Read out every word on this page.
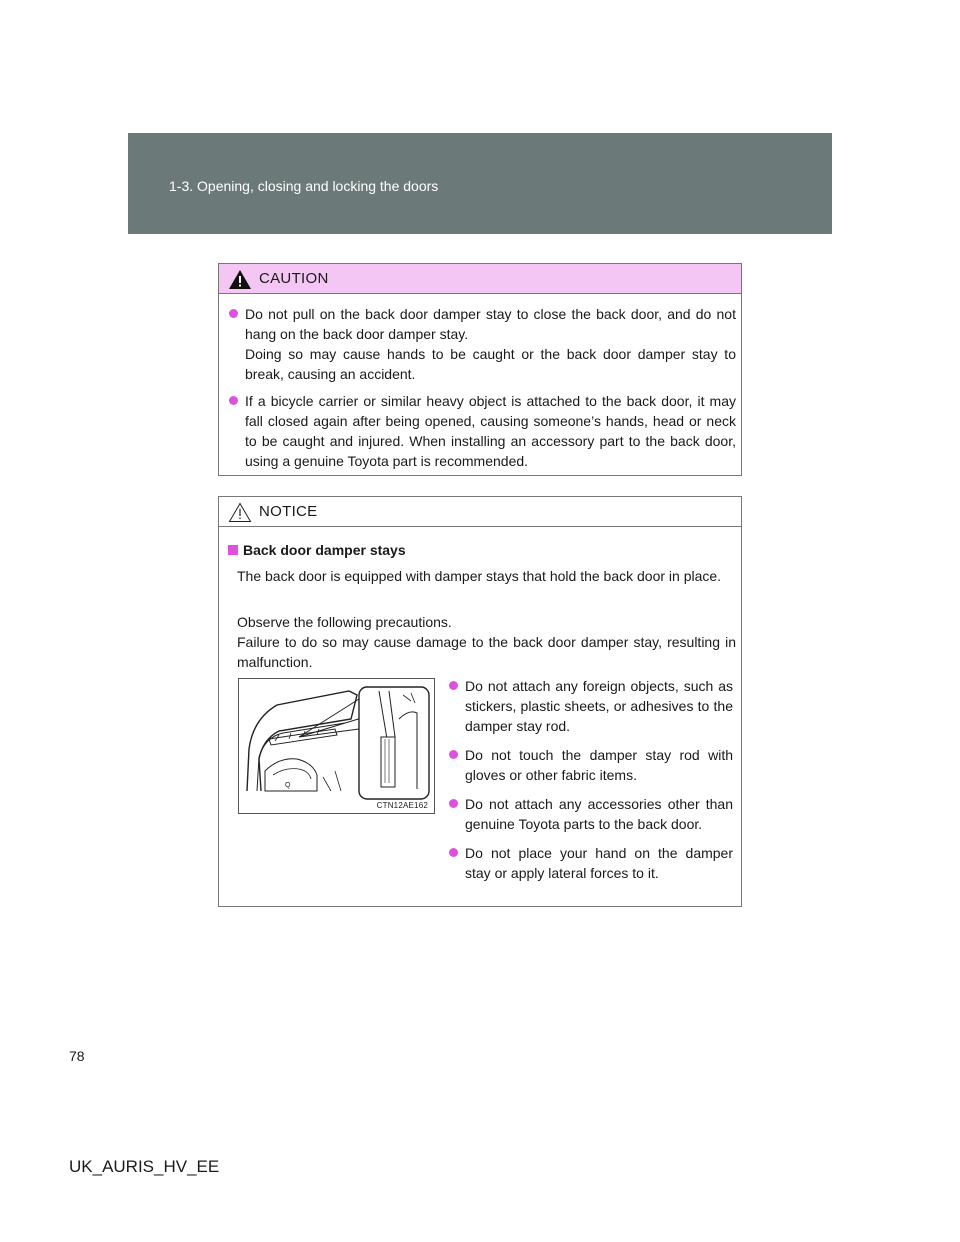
1-3. Opening, closing and locking the doors
CAUTION

Do not pull on the back door damper stay to close the back door, and do not hang on the back door damper stay.

Doing so may cause hands to be caught or the back door damper stay to break, causing an accident.

If a bicycle carrier or similar heavy object is attached to the back door, it may fall closed again after being opened, causing someone’s hands, head or neck to be caught and injured. When installing an accessory part to the back door, using a genuine Toyota part is recommended.

NOTICE
Back door damper stays

The back door is equipped with damper stays that hold the back door in place.

Observe the following precautions.

Failure to do so may cause damage to the back door damper stay, resulting in malfunction.

Q
CTN12AE162

Do not attach any foreign objects, such as stickers, plastic sheets, or adhesives to the damper stay rod.

Do not touch the damper stay rod with gloves or other fabric items.

Do not attach any accessories other than genuine Toyota parts to the back door.

Do not place your hand on the damper stay or apply lateral forces to it.

78
UK_AURIS_HV_EE
